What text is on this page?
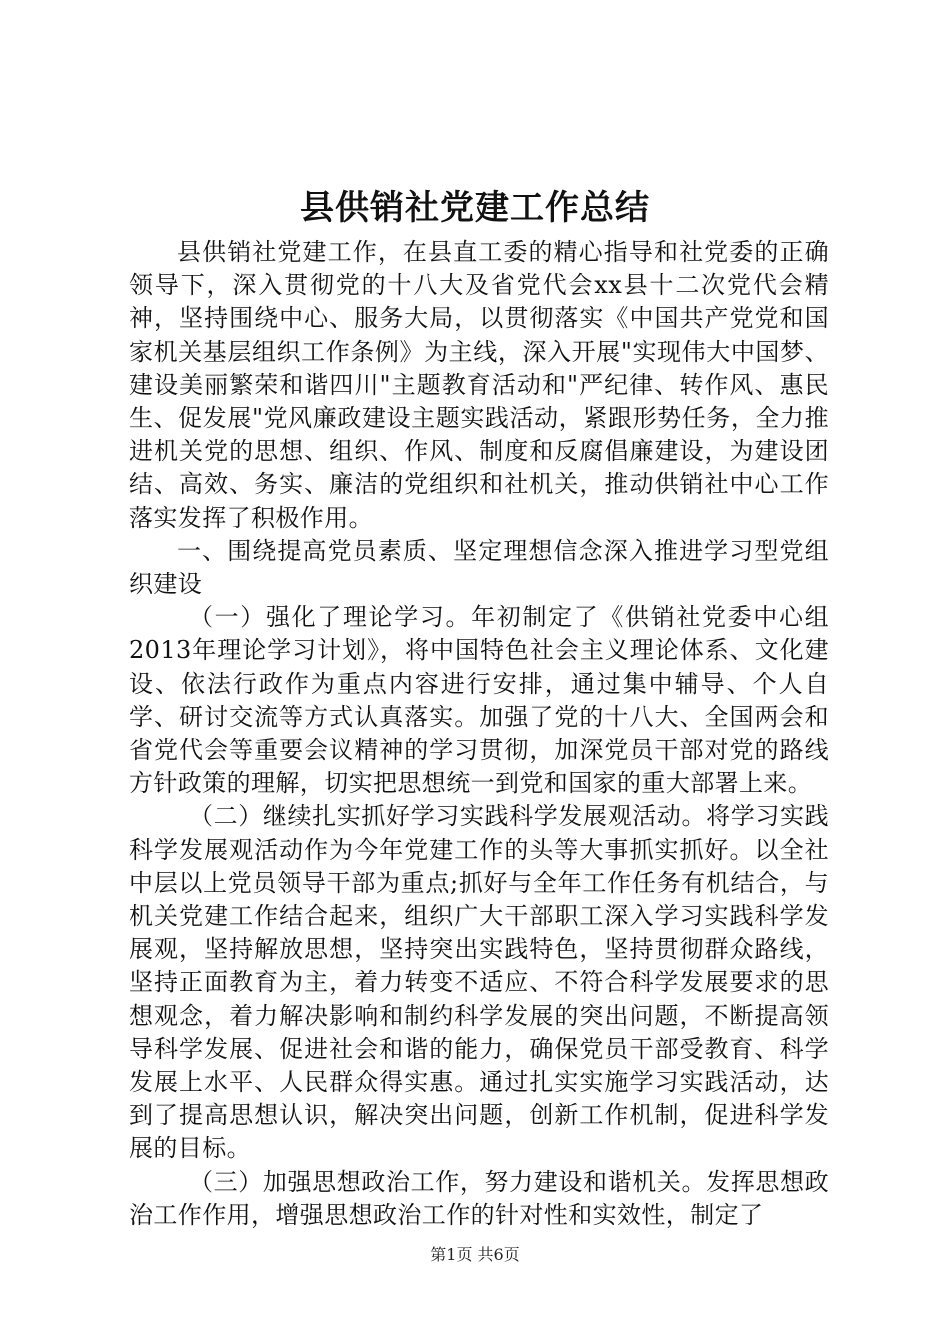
县供销社党建工作总结

县供销社党建工作，在县直工委的精心指导和社党委的正确领导下，深入贯彻党的十八大及省党代会xx县十二次党代会精神，坚持围绕中心、服务大局，以贯彻落实《中国共产党党和国家机关基层组织工作条例》为主线，深入开展"实现伟大中国梦、建设美丽繁荣和谐四川"主题教育活动和"严纪律、转作风、惠民生、促发展"党风廉政建设主题实践活动，紧跟形势任务，全力推进机关党的思想、组织、作风、制度和反腐倡廉建设，为建设团结、高效、务实、廉洁的党组织和社机关，推动供销社中心工作落实发挥了积极作用。

一、围绕提高党员素质、坚定理想信念深入推进学习型党组织建设

（一）强化了理论学习。年初制定了《供销社党委中心组2013年理论学习计划》，将中国特色社会主义理论体系、文化建设、依法行政作为重点内容进行安排，通过集中辅导、个人自学、研讨交流等方式认真落实。加强了党的十八大、全国两会和省党代会等重要会议精神的学习贯彻，加深党员干部对党的路线方针政策的理解，切实把思想统一到党和国家的重大部署上来。

（二）继续扎实抓好学习实践科学发展观活动。将学习实践科学发展观活动作为今年党建工作的头等大事抓实抓好。以全社中层以上党员领导干部为重点;抓好与全年工作任务有机结合，与机关党建工作结合起来，组织广大干部职工深入学习实践科学发展观，坚持解放思想，坚持突出实践特色，坚持贯彻群众路线，坚持正面教育为主，着力转变不适应、不符合科学发展要求的思想观念，着力解决影响和制约科学发展的突出问题，不断提高领导科学发展、促进社会和谐的能力，确保党员干部受教育、科学发展上水平、人民群众得实惠。通过扎实实施学习实践活动，达到了提高思想认识，解决突出问题，创新工作机制，促进科学发展的目标。

（三）加强思想政治工作，努力建设和谐机关。发挥思想政治工作作用，增强思想政治工作的针对性和实效性，制定了

第1页 共6页
